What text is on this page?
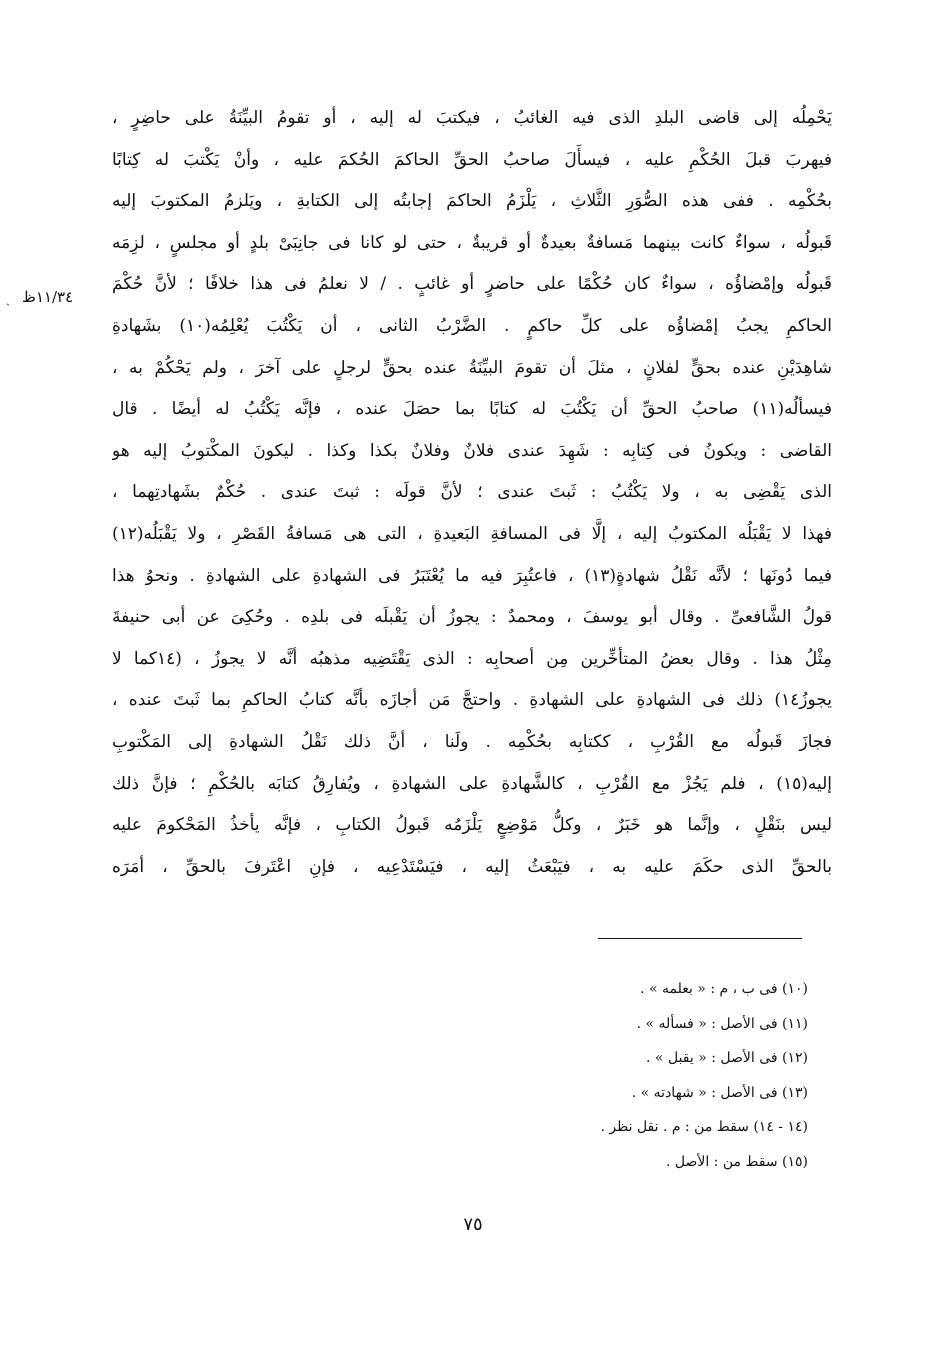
ˎ ١١/٣٤ظ
يَحْمِلُه إلى قاضى البلدِ الذى فيه الغائبُ ، فيكتبَ له إليه ، أو تقومُ البيِّنَةُ على حاضِرٍ ،
فيهربَ قبلَ الحُكْمِ عليه ، فيسأَلَ صاحبُ الحقِّ الحاكمَ الحُكمَ عليه ، وأنْ يَكْتبَ له كِتابًا
بحُكْمِه . ففى هذه الصُّوَرِ الثَّلاثِ ، يَلْزَمُ الحاكمَ إجابتُه إلى الكتابةِ ، ويَلزمُ المكتوبَ إليه
قَبولُه ، سواءٌ كانت بينهما مَسافةٌ بعيدةٌ أو قريبةٌ ، حتى لو كانا فى جانِبَىْ بلدٍ أو مجلسٍ ، لزِمَه
قَبولُه وإمْضاؤُه ، سواءٌ كان حُكْمًا على حاضرٍ أو غائبٍ . / لا نعلمُ فى هذا خلافًا ؛ لأنَّ حُكْمَ
الحاكمِ يجبُ إمْضاؤُه على كلِّ حاكمٍ . الضَّرْبُ الثانى ، أن يَكْتُبَ يُعْلِمُه(١٠) بشَهادةِ
شاهِدَيْنِ عنده بحقٍّ لفلانٍ ، مثلَ أن تقومَ البيِّنَةُ عنده بحقٍّ لرجلٍ على آخرَ ، ولم يَحْكُمْ به ،
فيسألُه(١١) صاحبُ الحقِّ أن يَكْتُبَ له كتابًا بما حصَلَ عنده ، فإنَّه يَكْتُبُ له أيضًا . قال
القاضى : ويكونُ فى كِتابِه : شَهِدَ عندى فلانٌ وفلانٌ بكذا وكذا . ليكونَ المكْتوبُ إليه هو
الذى يَقْضِى به ، ولا يَكْتُبُ : ثَبتَ عندى ؛ لأنَّ قولَه : ثبتَ عندى . حُكْمٌ بشَهادتِهما ،
فهذا لا يَقْبَلُه المكتوبُ إليه ، إلَّا فى المسافةِ البَعيدةِ ، التى هى مَسافةُ القَصْرِ ، ولا يَقْبَلُه(١٢)
فيما دُونَها ؛ لأنَّه نَقْلُ شهادةٍ(١٣) ، فاعتُبِرَ فيه ما يُعْتَبَرُ فى الشهادةِ على الشهادةِ . ونحوُ هذا
قولُ الشَّافعىِّ . وقال أبو يوسفَ ، ومحمدٌ : يجوزُ أن يَقْبلَه فى بلدِه . وحُكِىَ عن أبى حنيفةَ
مِثْلُ هذا . وقال بعضُ المتأخِّرين مِن أصحابِه : الذى يَقْتَضِيه مذهبُه أنَّه لا يجوزُ ، (١٤كما لا
يجوزُ١٤) ذلك فى الشهادةِ على الشهادةِ . واحتجَّ مَن أجازَه بأنَّه كتابُ الحاكمِ بما ثَبتَ عنده ،
فجازَ قَبولُه مع القُرْبِ ، ككتابِه بحُكْمِه . ولَنا ، أنَّ ذلك نَقْلُ الشهادةِ إلى المَكْتوبِ
إليه(١٥) ، فلم يَجُزْ مع القُرْبِ ، كالشَّهادةِ على الشهادةِ ، ويُفارِقُ كتابَه بالحُكْمِ ؛ فإنَّ ذلك
ليس بنَقْلٍ ، وإنَّما هو خَبَرٌ ، وكلُّ مَوْضِعٍ يَلْزَمُه قَبولُ الكتابِ ، فإنَّه يأخذُ المَحْكومَ عليه
بالحقِّ الذى حكَمَ عليه به ، فيَبْعَثُ إليه ، فيَسْتَدْعِيه ، فإنِ اعْتَرفَ بالحقِّ ، أمَرَه
(١٠) فى ب ، م : « بعلمه » .
(١١) فى الأصل : « فسأله » .
(١٢) فى الأصل : « يقبل » .
(١٣) فى الأصل : « شهادته » .
(١٤ - ١٤) سقط من : م . نقل نظر .
(١٥) سقط من : الأصل .
٧٥
